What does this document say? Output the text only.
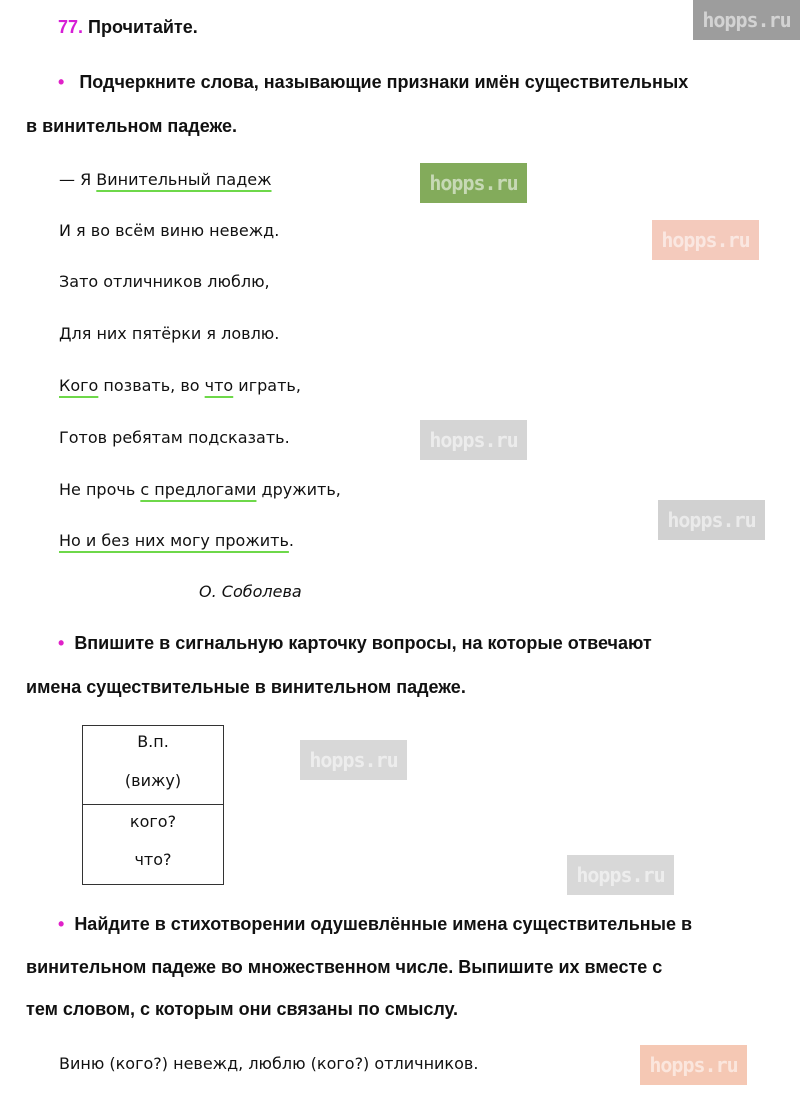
77. Прочитайте.
• Подчеркните слова, называющие признаки имён существительных
в винительном падеже.
— Я Винительный падеж
И я во всём виню невежд.
Зато отличников люблю,
Для них пятёрки я ловлю.
Кого позвать, во что играть,
Готов ребятам подсказать.
Не прочь с предлогами дружить,
Но и без них могу прожить.
О. Соболева
• Впишите в сигнальную карточку вопросы, на которые отвечают
имена существительные в винительном падеже.
В.п.
(вижу)
кого?
что?
• Найдите в стихотворении одушевлённые имена существительные в
винительном падеже во множественном числе. Выпишите их вместе с
тем словом, с которым они связаны по смыслу.
Виню (кого?) невежд, люблю (кого?) отличников.
hopps.ru
hopps.ru
hopps.ru
hopps.ru
hopps.ru
hopps.ru
hopps.ru
hopps.ru
